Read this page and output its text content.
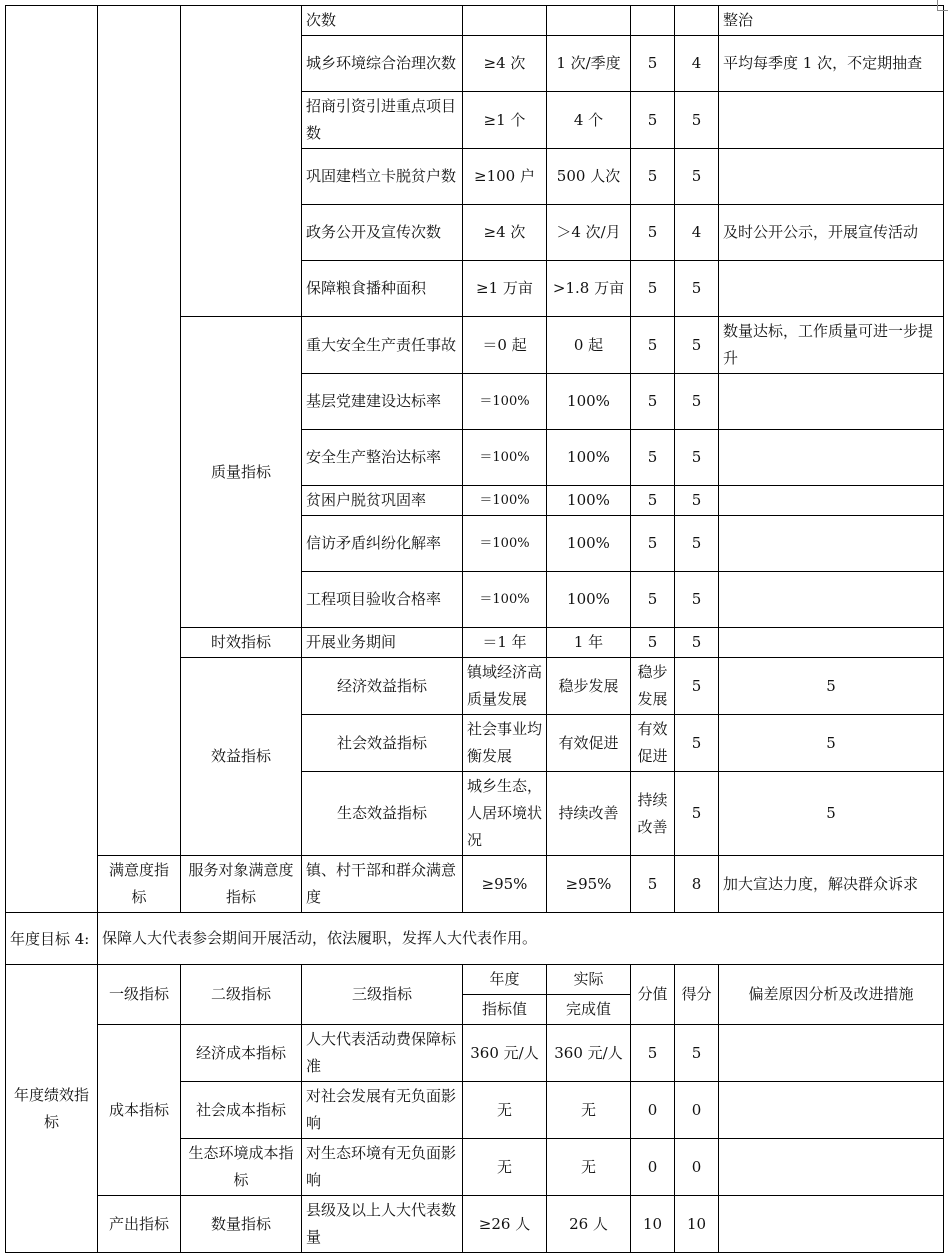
			次数					整治	
			城乡环境综合治理次数	≥4 次	1 次/季度	5	4	平均每季度 1 次，不定期抽查	
			招商引资引进重点项目数	≥1 个	4 个	5	5		
			巩固建档立卡脱贫户数	≥100 户	500 人次	5	5		
			政务公开及宣传次数	≥4 次	＞4 次/月	5	4	及时公开公示，开展宣传活动	
			保障粮食播种面积	≥1 万亩	>1.8 万亩	5	5		
		质量指标	重大安全生产责任事故	＝0 起	0 起	5	5	数量达标，工作质量可进一步提升	
			基层党建建设达标率	＝100%	100%	5	5		
			安全生产整治达标率	＝100%	100%	5	5		
			贫困户脱贫巩固率	＝100%	100%	5	5		
			信访矛盾纠纷化解率	＝100%	100%	5	5		
			工程项目验收合格率	＝100%	100%	5	5		
		时效指标	开展业务期间	＝1 年	1 年	5	5		
		效益指标	经济效益指标	镇域经济高质量发展	稳步发展	稳步发展	5	5	
			社会效益指标	社会事业均衡发展	有效促进	有效促进	5	5	
			生态效益指标	城乡生态，人居环境状况	持续改善	持续改善	5	5	
	满意度指标	服务对象满意度指标	镇、村干部和群众满意度	≥95%	≥95%	5	8	加大宣达力度，解决群众诉求	
年度目标 4:	保障人大代表参会期间开展活动，依法履职，发挥人大代表作用。
年度绩效指标	一级指标	二级指标	三级指标	年度	实际	分值	得分	偏差原因分析及改进措施
				指标值	完成值			
	成本指标	经济成本指标	人大代表活动费保障标准	360 元/人	360 元/人	5	5	
		社会成本指标	对社会发展有无负面影响	无	无	0	0	
		生态环境成本指标	对生态环境有无负面影响	无	无	0	0	
	产出指标	数量指标	县级及以上人大代表数量	≥26 人	26 人	10	10	
